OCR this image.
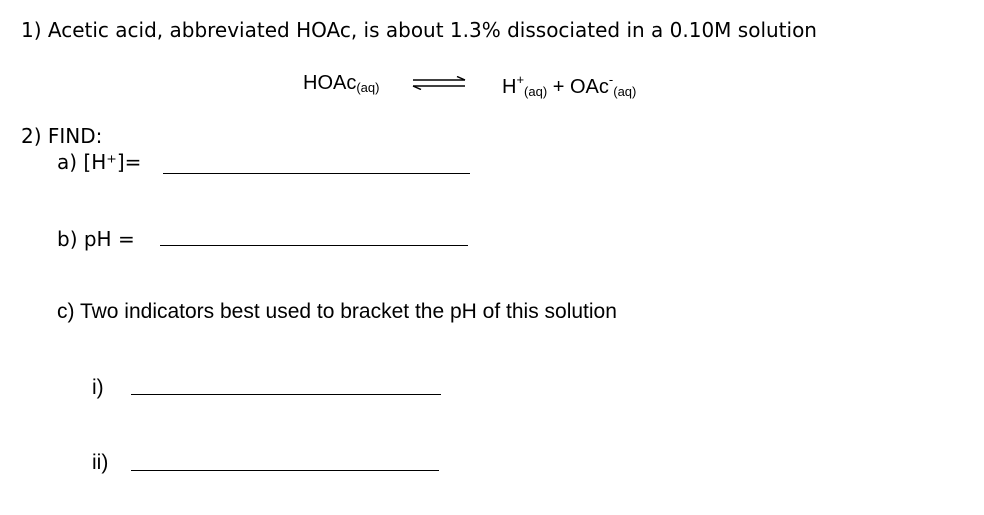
1) Acetic acid, abbreviated HOAc, is about 1.3% dissociated in a 0.10M solution
HOAc$_{(aq)}$	$H^+_{(aq)} + OAc^-_{(aq)}$
2) FIND:
a) [H⁺]=
b) pH =
c) Two indicators best used to bracket the pH of this solution
i)
ii)
